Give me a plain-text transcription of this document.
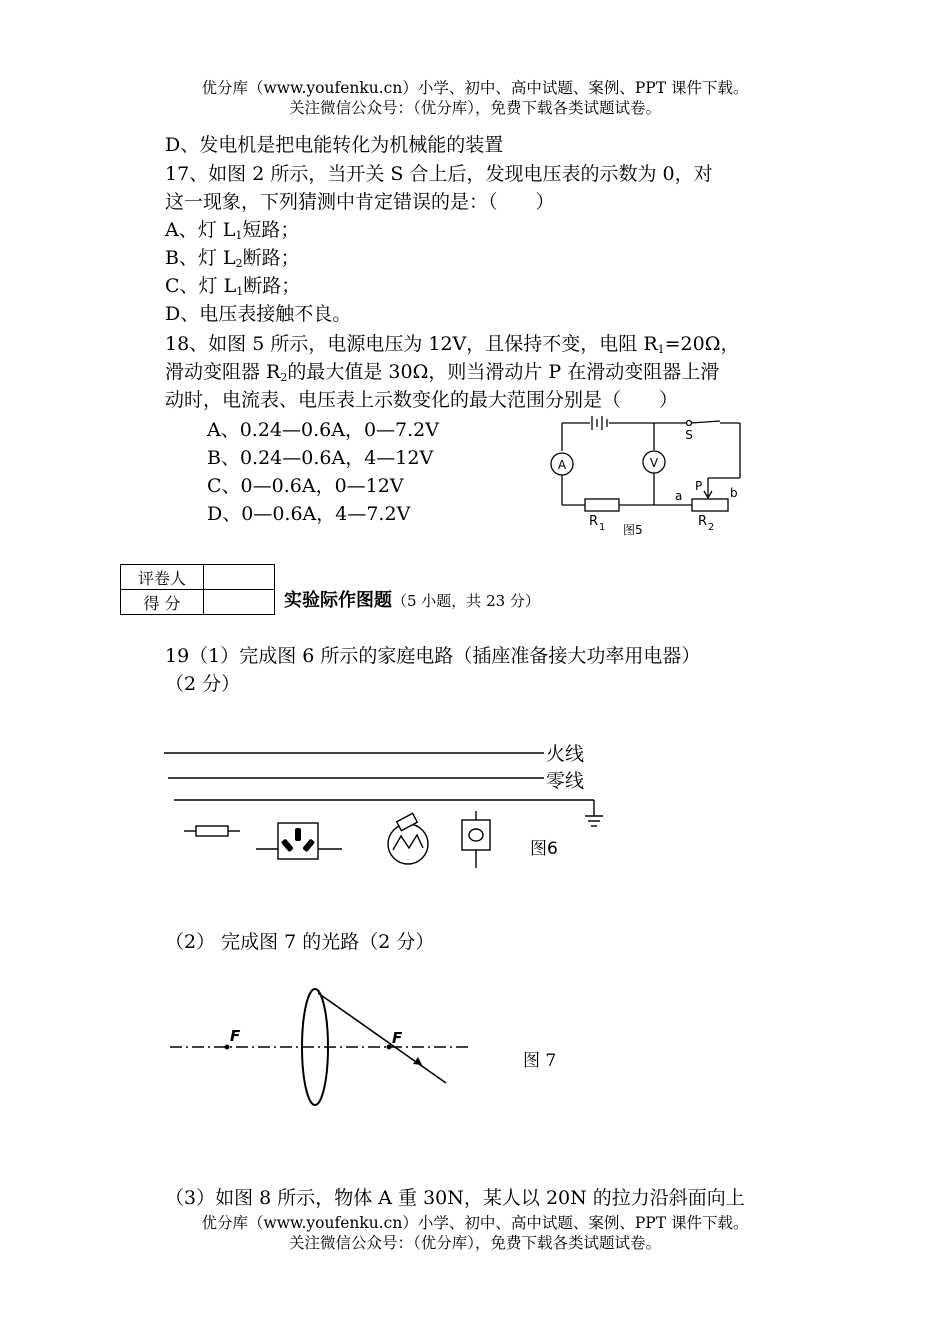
优分库（www.youfenku.cn）小学、初中、高中试题、案例、PPT 课件下载。
关注微信公众号：（优分库），免费下载各类试题试卷。
D、发电机是把电能转化为机械能的装置
17、如图 2 所示，当开关 S 合上后，发现电压表的示数为 0，对
这一现象，下列猜测中肯定错误的是：（　　）
A、灯 $L_1$短路；
B、灯 $L_2$断路；
C、灯 $L_1$断路；
D、电压表接触不良。
18、如图 5 所示，电源电压为 12V，且保持不变，电阻 $R_1=20\Omega$，
滑动变阻器 $R_2$的最大值是 30Ω，则当滑动片 P 在滑动变阻器上滑
动时，电流表、电压表上示数变化的最大范围分别是（　　）
A、0.24—0.6A，0—7.2V
B、0.24—0.6A，4—12V
C、0—0.6A，0—12V
D、0—0.6A，4—7.2V
A	V
S
P
a	b
R 1	R 2
图5
评卷人	
得 分		实验际作图题（5 小题，共 23 分）
19（1）完成图 6 所示的家庭电路（插座准备接大功率用电器）
（2 分）
火线
零线
图6
（2） 完成图 7 的光路（2 分）
F	F
图 7
（3）如图 8 所示，物体 A 重 30N，某人以 20N 的拉力沿斜面向上
优分库（www.youfenku.cn）小学、初中、高中试题、案例、PPT 课件下载。
关注微信公众号：（优分库），免费下载各类试题试卷。
